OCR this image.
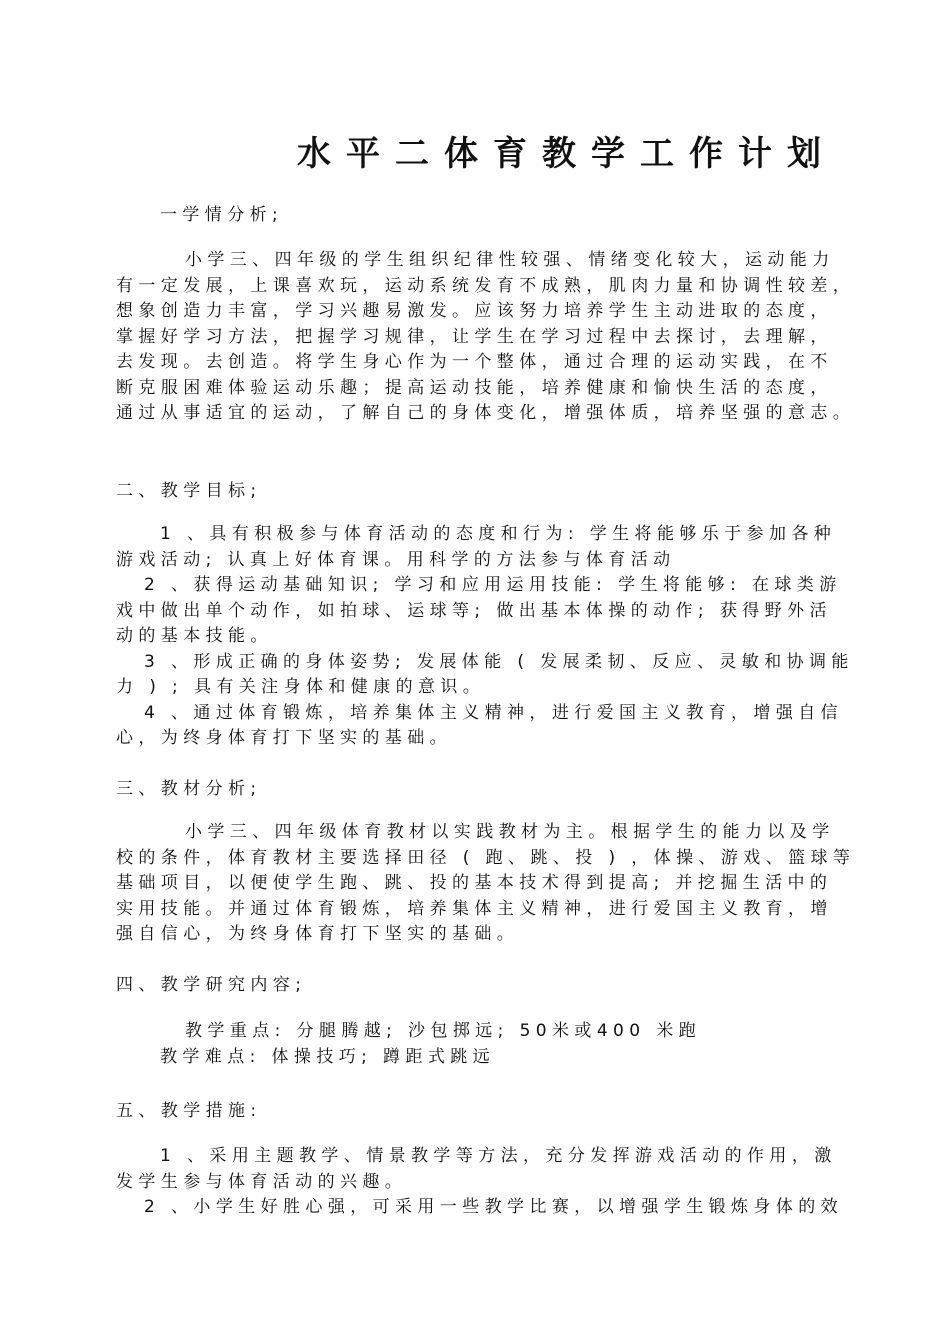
水平二体育教学工作计划
一学情分析;
小学三、四年级的学生组织纪律性较强、情绪变化较大，运动能力
有一定发展，上课喜欢玩，运动系统发育不成熟，肌肉力量和协调性较差，
想象创造力丰富，学习兴趣易激发。应该努力培养学生主动进取的态度，
掌握好学习方法，把握学习规律，让学生在学习过程中去探讨，去理解，
去发现。去创造。将学生身心作为一个整体，通过合理的运动实践，在不
断克服困难体验运动乐趣；提高运动技能，培养健康和愉快生活的态度，
通过从事适宜的运动，了解自己的身体变化，增强体质，培养坚强的意志。
二、教学目标;
1 、具有积极参与体育活动的态度和行为: 学生将能够乐于参加各种
游戏活动; 认真上好体育课。用科学的方法参与体育活动
2 、获得运动基础知识; 学习和应用运用技能: 学生将能够: 在球类游
戏中做出单个动作，如拍球、运球等; 做出基本体操的动作; 获得野外活
动的基本技能。
3 、形成正确的身体姿势; 发展体能 ( 发展柔韧、反应、灵敏和协调能
力 ) ; 具有关注身体和健康的意识。
4 、通过体育锻炼，培养集体主义精神，进行爱国主义教育，增强自信
心，为终身体育打下坚实的基础。
三、教材分析;
小学三、四年级体育教材以实践教材为主。根据学生的能力以及学
校的条件，体育教材主要选择田径 ( 跑、跳、投 ) ，体操、游戏、篮球等
基础项目，以便使学生跑、跳、投的基本技术得到提高; 并挖掘生活中的
实用技能。并通过体育锻炼，培养集体主义精神，进行爱国主义教育，增
强自信心，为终身体育打下坚实的基础。
四、教学研究内容;
教学重点: 分腿腾越; 沙包掷远; 50米或400 米跑
教学难点: 体操技巧; 蹲距式跳远
五、教学措施:
1 、采用主题教学、情景教学等方法，充分发挥游戏活动的作用，激
发学生参与体育活动的兴趣。
2 、小学生好胜心强，可采用一些教学比赛，以增强学生锻炼身体的效
